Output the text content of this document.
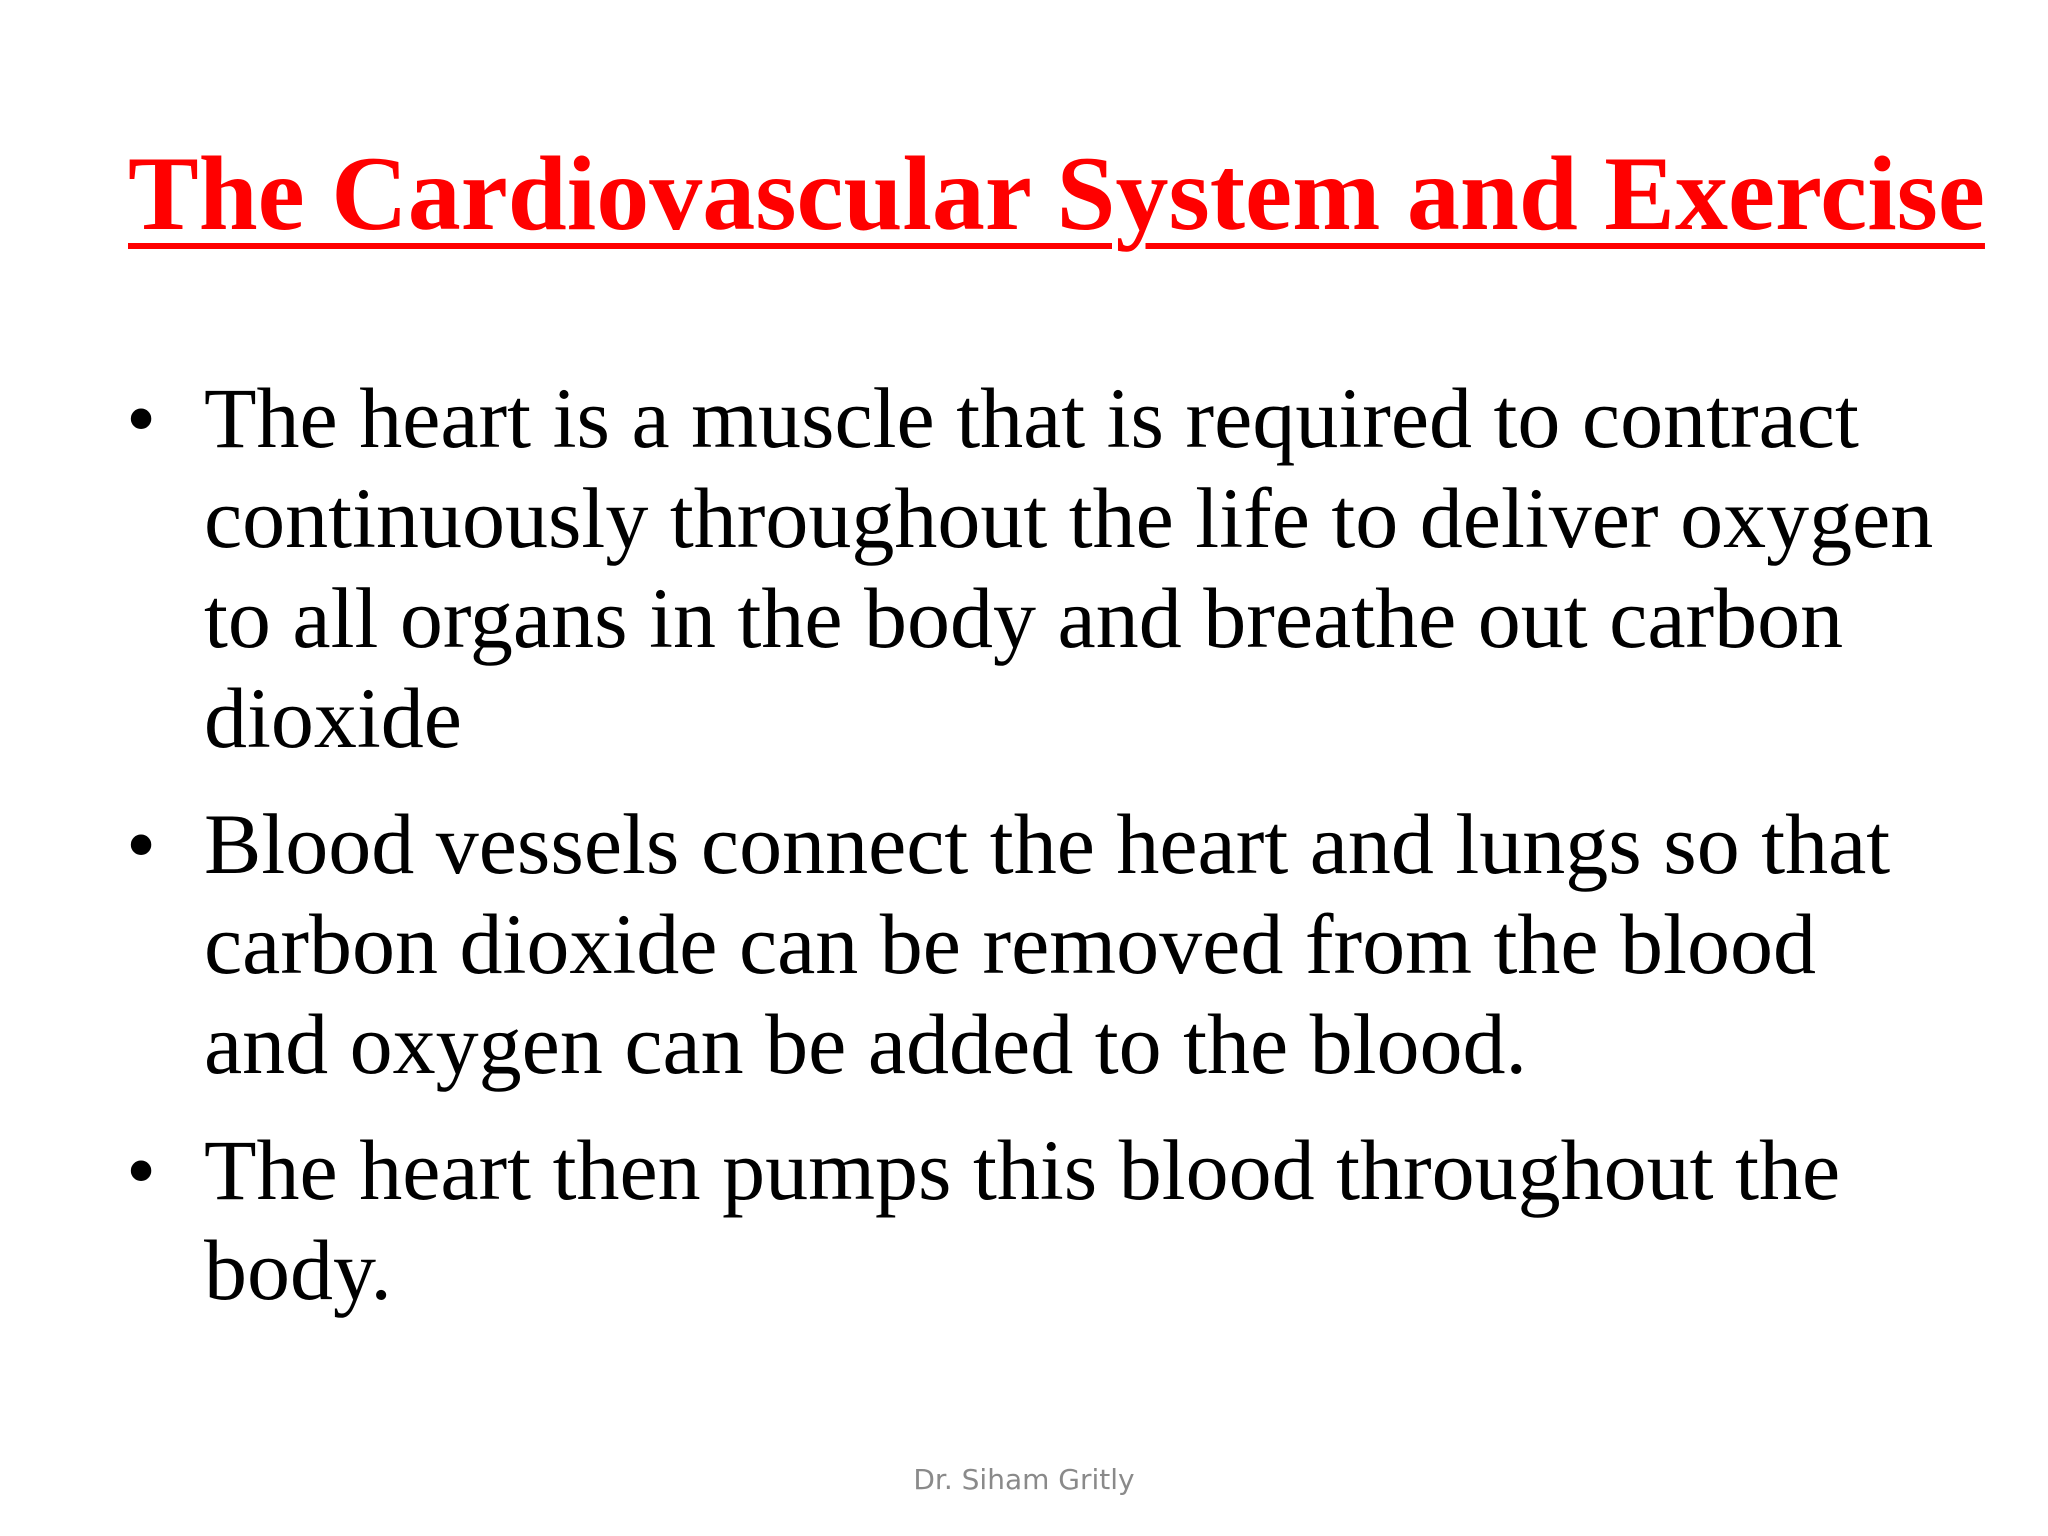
The Cardiovascular System and Exercise
• The heart is a muscle that is required to contract continuously throughout the life to deliver oxygen to all organs in the body and breathe out carbon dioxide
• Blood vessels connect the heart and lungs so that carbon dioxide can be removed from the blood and oxygen can be added to the blood.
• The heart then pumps this blood throughout the body.
Dr. Siham Gritly
